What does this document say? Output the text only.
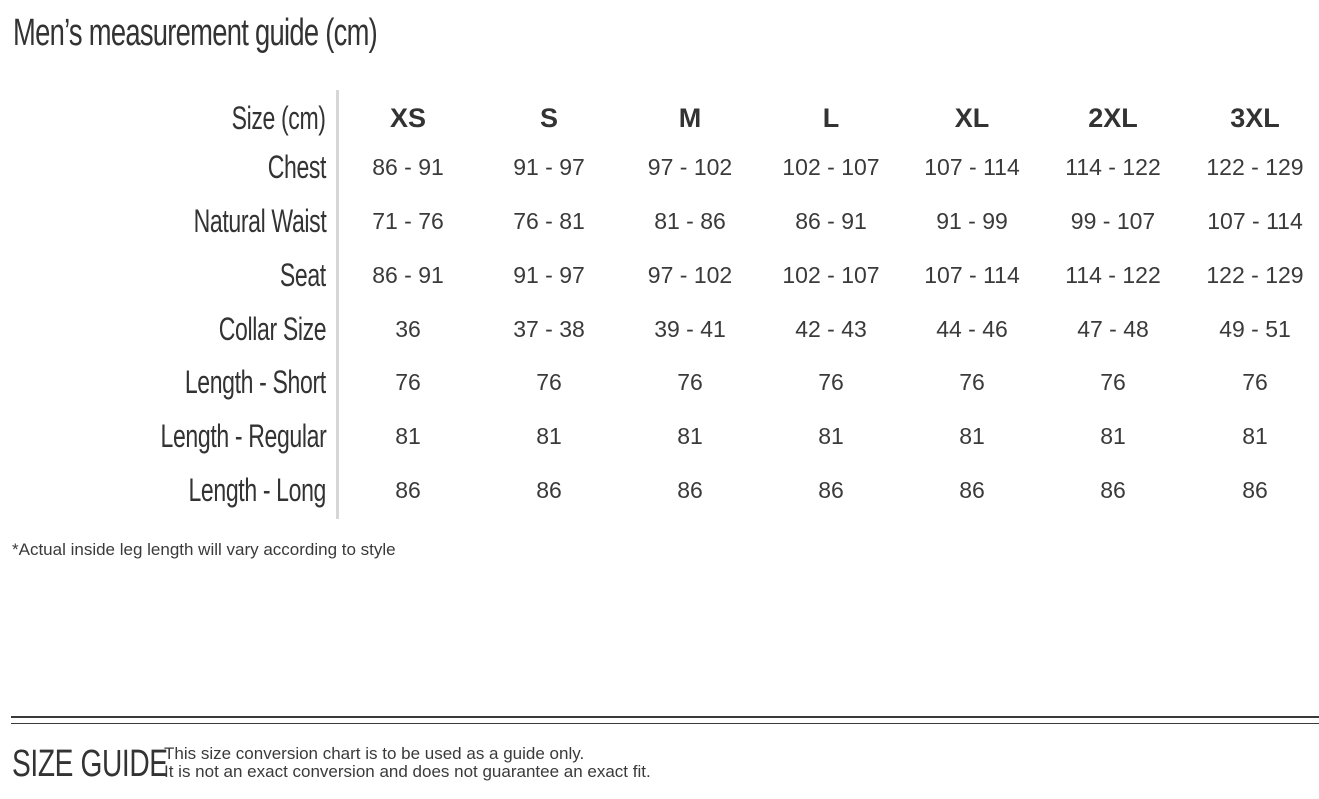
Men’s measurement guide (cm)
Size (cm)	XS	S	M	L	XL	2XL	3XL
Chest	86 - 91	91 - 97	97 - 102	102 - 107	107 - 114	114 - 122	122 - 129
Natural Waist	71 - 76	76 - 81	81 - 86	86 - 91	91 - 99	99 - 107	107 - 114
Seat	86 - 91	91 - 97	97 - 102	102 - 107	107 - 114	114 - 122	122 - 129
Collar Size	36	37 - 38	39 - 41	42 - 43	44 - 46	47 - 48	49 - 51
Length - Short	76	76	76	76	76	76	76
Length - Regular	81	81	81	81	81	81	81
Length - Long	86	86	86	86	86	86	86
*Actual inside leg length will vary according to style
SIZE GUIDE
This size conversion chart is to be used as a guide only.
It is not an exact conversion and does not guarantee an exact fit.
